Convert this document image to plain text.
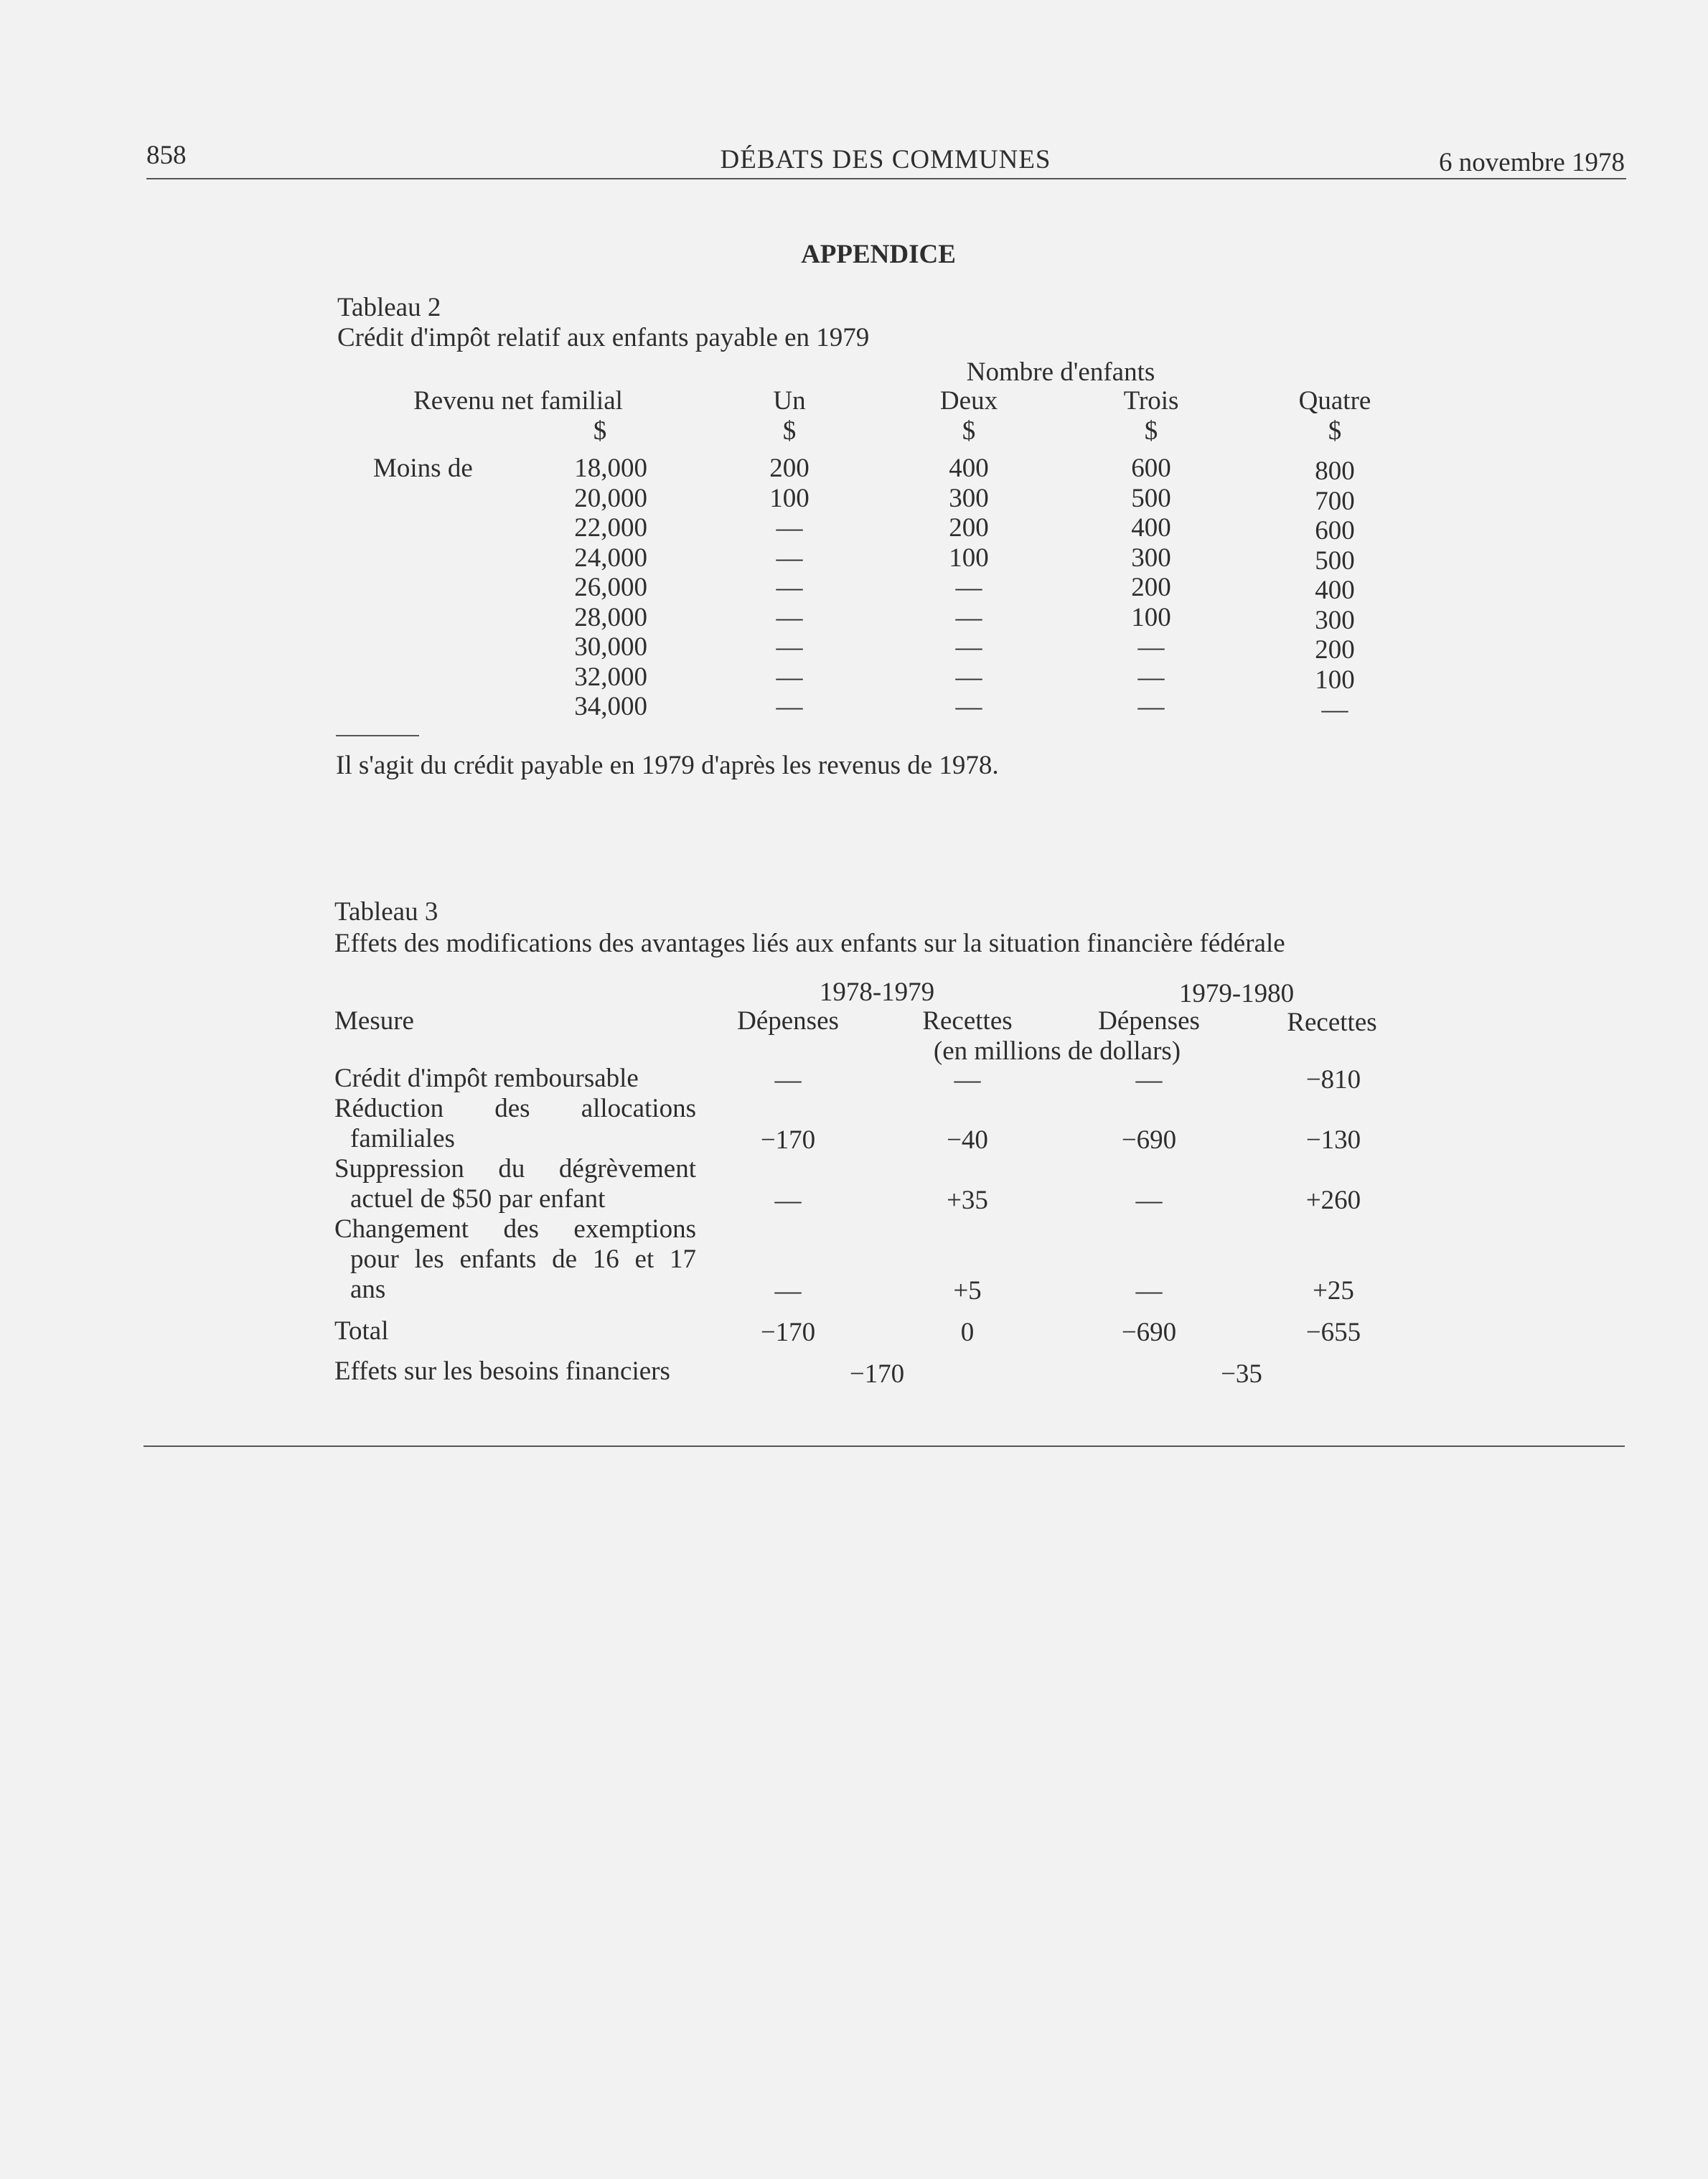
858	DÉBATS DES COMMUNES	6 novembre 1978
APPENDICE
Tableau 2
Crédit d'impôt relatif aux enfants payable en 1979
Nombre d'enfants
Revenu net familial	Un	Deux	Trois	Quatre
$	$	$	$	$
Moins de	18,000	200	400	600	800
20,000	100	300	500	700
22,000	—	200	400	600
24,000	—	100	300	500
26,000	—	—	200	400
28,000	—	—	100	300
30,000	—	—	—	200
32,000	—	—	—	100
34,000	—	—	—	—
Il s'agit du crédit payable en 1979 d'après les revenus de 1978.
Tableau 3
Effets des modifications des avantages liés aux enfants sur la situation financière fédérale
1978-1979	1979-1980
Mesure	Dépenses	Recettes	Dépenses	Recettes
(en millions de dollars)
Crédit d'impôt remboursable	—	—	—	−810
Réduction des allocations
familiales	−170	−40	−690	−130
Suppression du dégrèvement
actuel de $50 par enfant	—	+35	—	+260
Changement des exemptions
pour les enfants de 16 et 17
ans	—	+5	—	+25
Total	−170	0	−690	−655
Effets sur les besoins financiers	−170	−35
